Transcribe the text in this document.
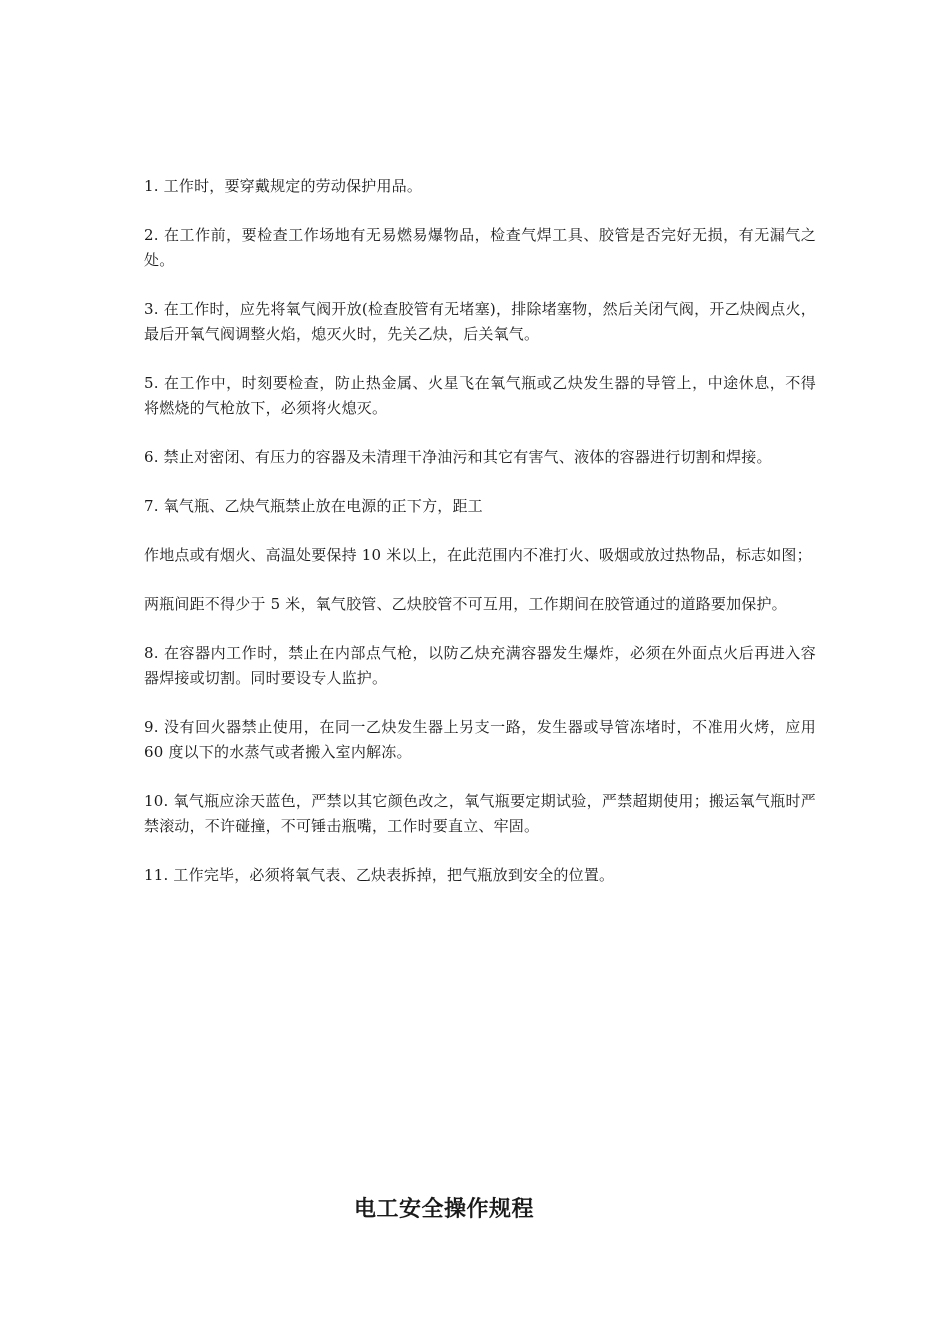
1. 工作时，要穿戴规定的劳动保护用品。

2. 在工作前，要检查工作场地有无易燃易爆物品，检查气焊工具、胶管是否完好无损，有无漏气之处。

3. 在工作时，应先将氧气阀开放(检查胶管有无堵塞)，排除堵塞物，然后关闭气阀，开乙炔阀点火，最后开氧气阀调整火焰，熄灭火时，先关乙炔，后关氧气。

5. 在工作中，时刻要检查，防止热金属、火星飞在氧气瓶或乙炔发生器的导管上，中途休息，不得将燃烧的气枪放下，必须将火熄灭。

6. 禁止对密闭、有压力的容器及未清理干净油污和其它有害气、液体的容器进行切割和焊接。

7. 氧气瓶、乙炔气瓶禁止放在电源的正下方，距工

作地点或有烟火、高温处要保持 10 米以上，在此范围内不准打火、吸烟或放过热物品，标志如图；

两瓶间距不得少于 5 米，氧气胶管、乙炔胶管不可互用，工作期间在胶管通过的道路要加保护。

8. 在容器内工作时，禁止在内部点气枪，以防乙炔充满容器发生爆炸，必须在外面点火后再进入容器焊接或切割。同时要设专人监护。

9. 没有回火器禁止使用，在同一乙炔发生器上另支一路，发生器或导管冻堵时，不准用火烤，应用 60 度以下的水蒸气或者搬入室内解冻。

10. 氧气瓶应涂天蓝色，严禁以其它颜色改之，氧气瓶要定期试验，严禁超期使用；搬运氧气瓶时严禁滚动，不许碰撞，不可锤击瓶嘴，工作时要直立、牢固。

11. 工作完毕，必须将氧气表、乙炔表拆掉，把气瓶放到安全的位置。

电工安全操作规程
